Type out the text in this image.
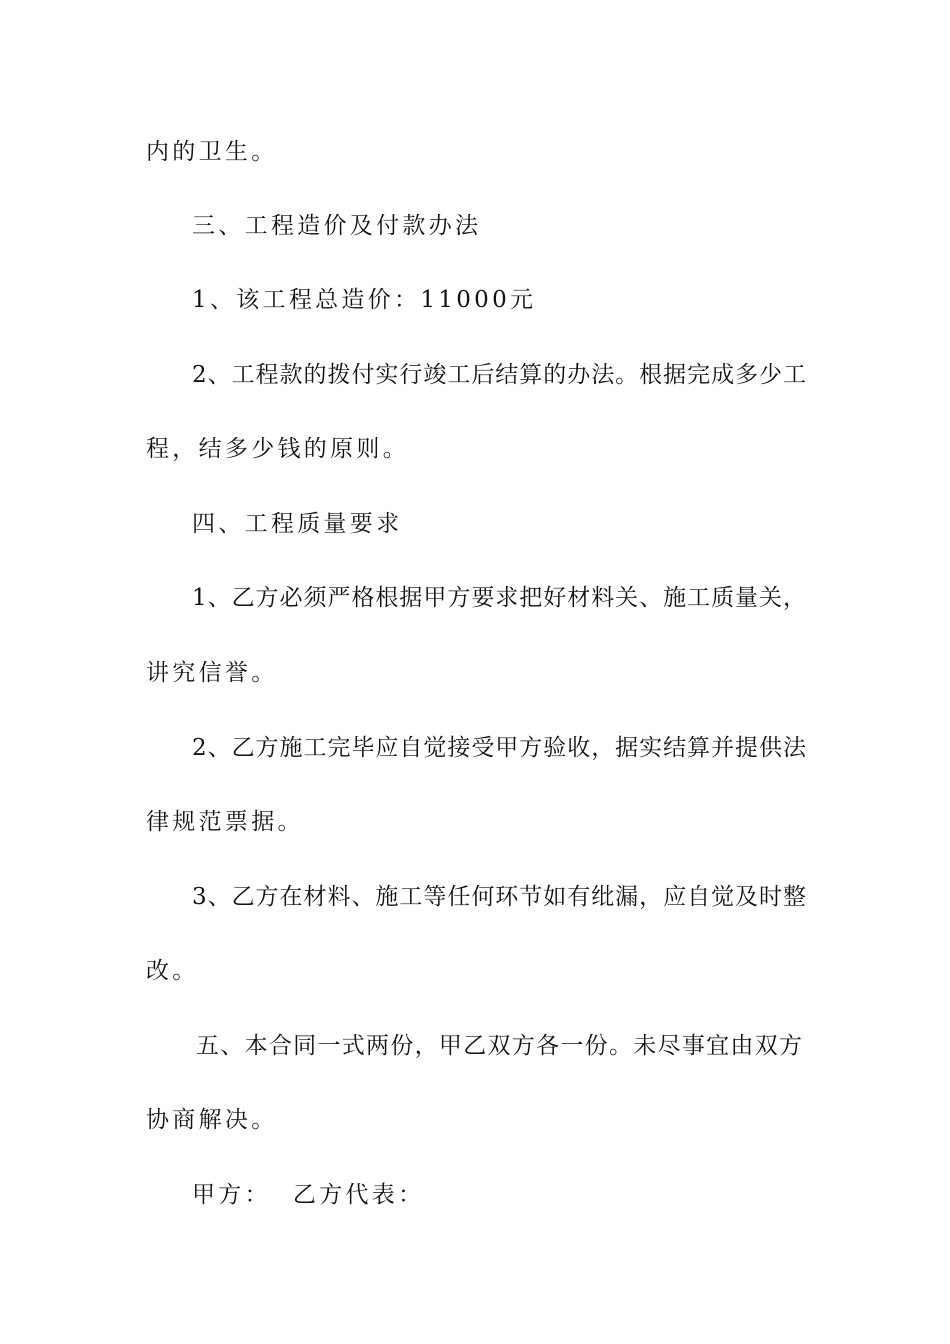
内的卫生。
三、工程造价及付款办法
1、该工程总造价：11000元
2、工程款的拨付实行竣工后结算的办法。根据完成多少工
程，结多少钱的原则。
四、工程质量要求
1、乙方必须严格根据甲方要求把好材料关、施工质量关，
讲究信誉。
2、乙方施工完毕应自觉接受甲方验收，据实结算并提供法
律规范票据。
3、乙方在材料、施工等任何环节如有纰漏，应自觉及时整
改。
五、本合同一式两份，甲乙双方各一份。未尽事宜由双方
协商解决。
甲方： 乙方代表：
